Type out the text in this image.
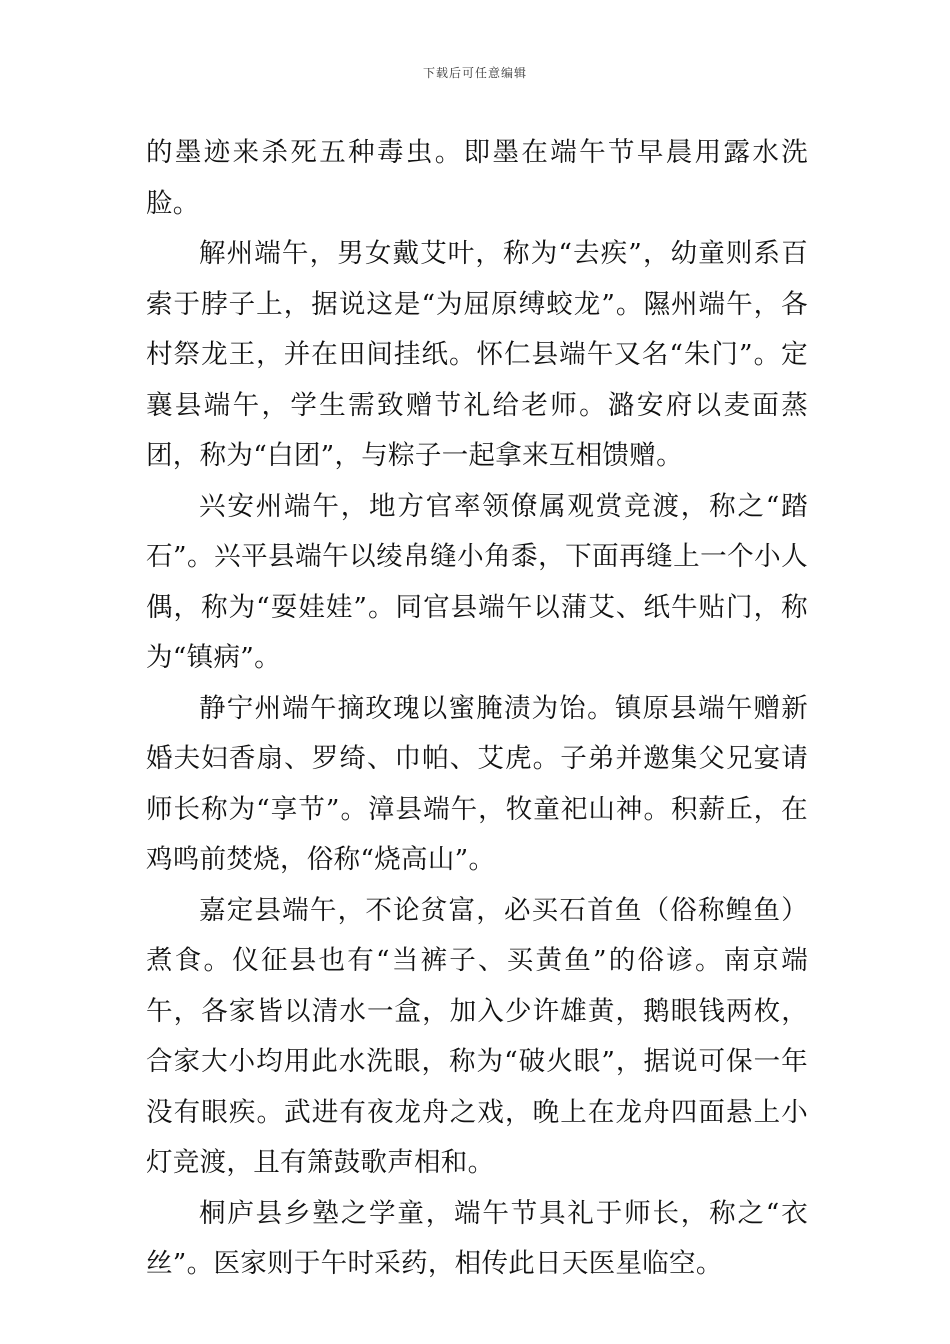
下载后可任意编辑

的墨迹来杀死五种毒虫。即墨在端午节早晨用露水洗脸。

解州端午，男女戴艾叶，称为“去疾”，幼童则系百索于脖子上，据说这是“为屈原缚蛟龙”。隰州端午，各村祭龙王，并在田间挂纸。怀仁县端午又名“朱门”。定襄县端午，学生需致赠节礼给老师。潞安府以麦面蒸团，称为“白团”，与粽子一起拿来互相馈赠。

兴安州端午，地方官率领僚属观赏竞渡，称之“踏石”。兴平县端午以绫帛缝小角黍，下面再缝上一个小人偶，称为“耍娃娃”。同官县端午以蒲艾、纸牛贴门，称为“镇病”。

静宁州端午摘玫瑰以蜜腌渍为饴。镇原县端午赠新婚夫妇香扇、罗绮、巾帕、艾虎。子弟并邀集父兄宴请师长称为“享节”。漳县端午，牧童祀山神。积薪丘，在鸡鸣前焚烧，俗称“烧高山”。

嘉定县端午，不论贫富，必买石首鱼（俗称鳇鱼）煮食。仪征县也有“当裤子、买黄鱼”的俗谚。南京端午，各家皆以清水一盒，加入少许雄黄，鹅眼钱两枚，合家大小均用此水洗眼，称为“破火眼”，据说可保一年没有眼疾。武进有夜龙舟之戏，晚上在龙舟四面悬上小灯竞渡，且有箫鼓歌声相和。

桐庐县乡塾之学童，端午节具礼于师长，称之“衣丝”。医家则于午时采药，相传此日天医星临空。
